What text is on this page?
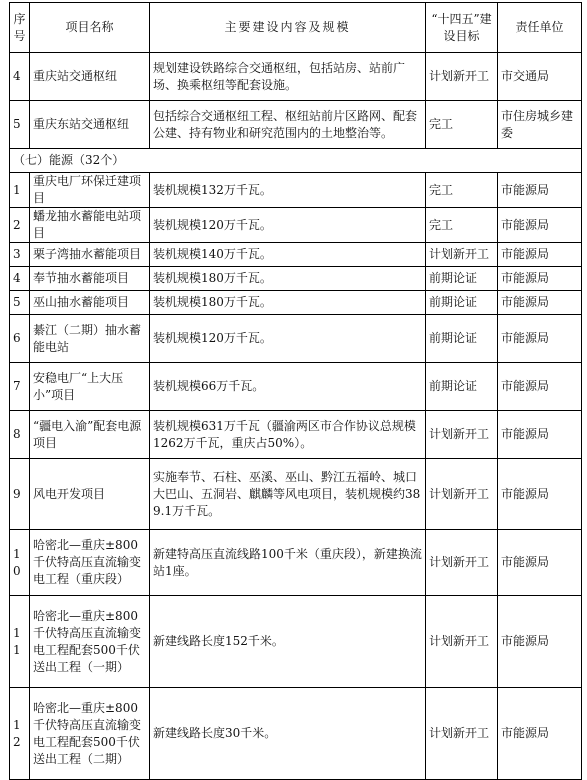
序号	项目名称	主要建设内容及规模	“十四五”建设目标	责任单位
4	重庆站交通枢纽	规划建设铁路综合交通枢纽，包括站房、站前广场、换乘枢纽等配套设施。	计划新开工	市交通局
5	重庆东站交通枢纽	包括综合交通枢纽工程、枢纽站前片区路网、配套公建、持有物业和研究范围内的土地整治等。	完工	市住房城乡建委
（七）能源（32个）				
1	重庆电厂环保迁建项目	装机规模132万千瓦。	完工	市能源局
2	蟠龙抽水蓄能电站项目	装机规模120万千瓦。	完工	市能源局
3	栗子湾抽水蓄能项目	装机规模140万千瓦。	计划新开工	市能源局
4	奉节抽水蓄能项目	装机规模180万千瓦。	前期论证	市能源局
5	巫山抽水蓄能项目	装机规模180万千瓦。	前期论证	市能源局
6	綦江（二期）抽水蓄能电站	装机规模120万千瓦。	前期论证	市能源局
7	安稳电厂“上大压小”项目	装机规模66万千瓦。	前期论证	市能源局
8	“疆电入渝”配套电源项目	装机规模631万千瓦（疆渝两区市合作协议总规模1262万千瓦，重庆占50%）。	计划新开工	市能源局
9	风电开发项目	实施奉节、石柱、巫溪、巫山、黔江五福岭、城口大巴山、五洞岩、麒麟等风电项目，装机规模约389.1万千瓦。	计划新开工	市能源局
10	哈密北—重庆±800千伏特高压直流输变电工程（重庆段）	新建特高压直流线路100千米（重庆段），新建换流站1座。	计划新开工	市能源局
11	哈密北—重庆±800千伏特高压直流输变电工程配套500千伏送出工程（一期）	新建线路长度152千米。	计划新开工	市能源局
12	哈密北—重庆±800千伏特高压直流输变电工程配套500千伏送出工程（二期）	新建线路长度30千米。	计划新开工	市能源局
